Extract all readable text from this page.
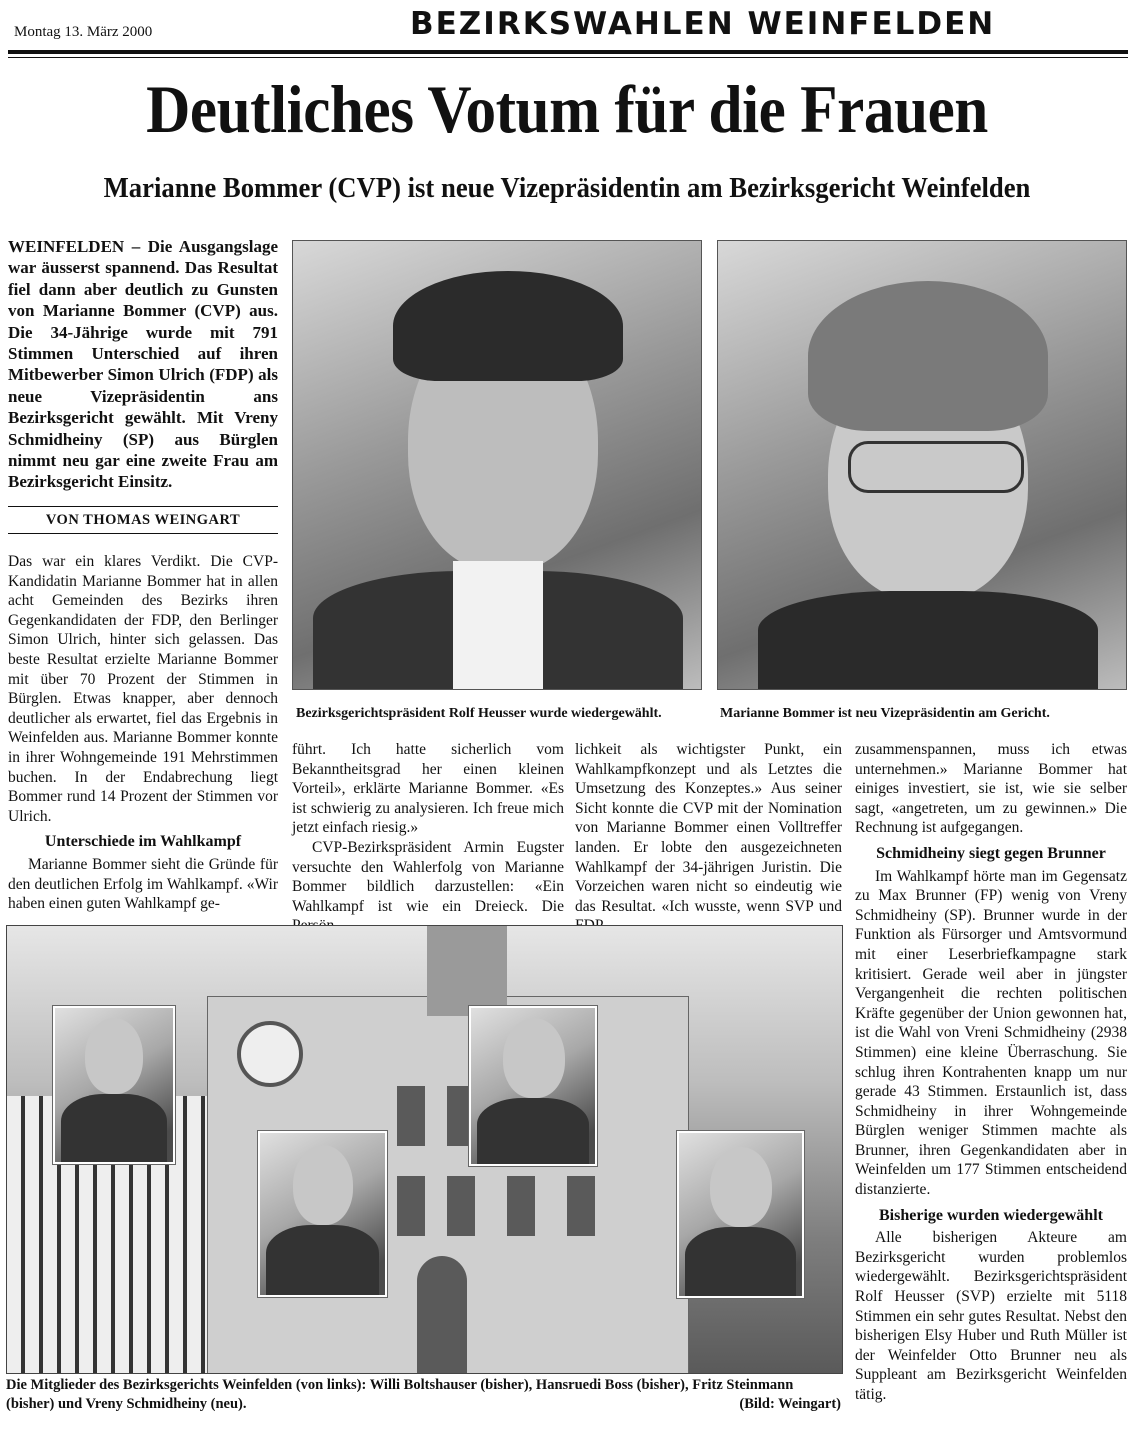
Montag 13. März 2000	BEZIRKSWAHLEN WEINFELDEN
Deutliches Votum für die Frauen
Marianne Bommer (CVP) ist neue Vizepräsidentin am Bezirksgericht Weinfelden
WEINFELDEN – Die Ausgangslage war äusserst spannend. Das Resultat fiel dann aber deutlich zu Gunsten von Marianne Bommer (CVP) aus. Die 34-Jährige wurde mit 791 Stimmen Unterschied auf ihren Mitbewerber Simon Ulrich (FDP) als neue Vizepräsidentin ans Bezirksgericht gewählt. Mit Vreny Schmidheiny (SP) aus Bürglen nimmt neu gar eine zweite Frau am Bezirksgericht Einsitz.
VON THOMAS WEINGART

Das war ein klares Verdikt. Die CVP-Kandidatin Marianne Bommer hat in allen acht Gemeinden des Bezirks ihren Gegenkandidaten der FDP, den Berlinger Simon Ulrich, hinter sich gelassen. Das beste Resultat erzielte Marianne Bommer mit über 70 Prozent der Stimmen in Bürglen. Etwas knapper, aber dennoch deutlicher als erwartet, fiel das Ergebnis in Weinfelden aus. Marianne Bommer konnte in ihrer Wohngemeinde 191 Mehrstimmen buchen. In der Endabrechung liegt Bommer rund 14 Prozent der Stimmen vor Ulrich.

Unterschiede im Wahlkampf

Marianne Bommer sieht die Gründe für den deutlichen Erfolg im Wahlkampf. «Wir haben einen guten Wahlkampf ge-

Bezirksgerichtspräsident Rolf Heusser wurde wiedergewählt.	Marianne Bommer ist neu Vizepräsidentin am Gericht.

führt. Ich hatte sicherlich vom Bekanntheitsgrad her einen kleinen Vorteil», erklärte Marianne Bommer. «Es ist schwierig zu analysieren. Ich freue mich jetzt einfach riesig.»

CVP-Bezirkspräsident Armin Eugster versuchte den Wahlerfolg von Marianne Bommer bildlich darzustellen: «Ein Wahlkampf ist wie ein Dreieck. Die

lichkeit als wichtigster Punkt, ein Wahlkampfkonzept und als Letztes die Umsetzung des Konzeptes.» Aus seiner Sicht konnte die CVP mit der Nomination von Marianne Bommer einen Volltreffer landen. Er lobte den ausgezeichneten Wahlkampf der 34-jährigen Juristin. Die Vorzeichen waren nicht so eindeutig wie das Resultat. «Ich wusste, wenn SVP und

zusammenspannen, muss ich etwas unternehmen.» Marianne Bommer hat einiges investiert, sie ist, wie sie selber sagt, «angetreten, um zu gewinnen.» Die Rechnung ist aufgegangen.

Schmidheiny siegt gegen Brunner

Im Wahlkampf hörte man im Gegensatz zu Max Brunner (FP) wenig von Vreny Schmidheiny (SP). Brunner wurde in der Funktion als Fürsorger und Amtsvormund mit einer Leserbriefkampagne stark kritisiert. Gerade weil aber in jüngster Vergangenheit die rechten politischen Kräfte gegenüber der Union gewonnen hat, ist die Wahl von Vreni Schmidheiny (2938 Stimmen) eine kleine Überraschung. Sie schlug ihren Kontrahenten knapp um nur gerade 43 Stimmen. Erstaunlich ist, dass Schmidheiny in ihrer Wohngemeinde Bürglen weniger Stimmen machte als Brunner, ihren Gegenkandidaten aber in Weinfelden um 177 Stimmen entscheidend distanzierte.

Bisherige wurden wiedergewählt

Alle bisherigen Akteure am Bezirksgericht wurden problemlos wiedergewählt. Bezirksgerichtspräsident Rolf Heusser (SVP) erzielte mit 5118 Stimmen ein sehr gutes Resultat. Nebst den bisherigen Elsy Huber und Ruth Müller ist der Weinfelder Otto Brunner neu als Suppleant am Bezirksgericht Weinfelden tätig.

Die Mitglieder des Bezirksgerichts Weinfelden (von links): Willi Boltshauser (bisher), Hansruedi Boss (bisher), Fritz Steinmann (bisher) und Vreny Schmidheiny (neu).	(Bild: Weingart)
